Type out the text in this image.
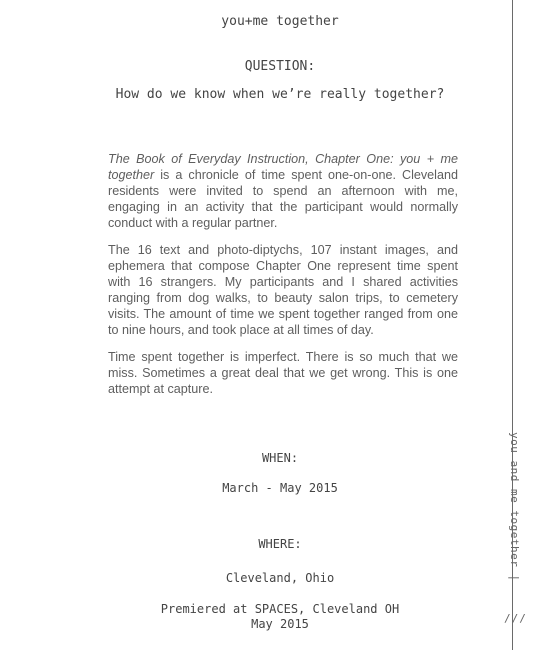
you+me together
QUESTION:
How do we know when we’re really together?

The Book of Everyday Instruction, Chapter One: you + me together is a chronicle of time spent one-on-one. Cleveland residents were invited to spend an afternoon with me, engaging in an activity that the participant would normally conduct with a regular partner.

The 16 text and photo-diptychs, 107 instant images, and ephemera that compose Chapter One represent time spent with 16 strangers. My participants and I shared activities ranging from dog walks, to beauty salon trips, to cemetery visits. The amount of time we spent together ranged from one to nine hours, and took place at all times of day.

Time spent together is imperfect. There is so much that we miss. Sometimes a great deal that we get wrong. This is one attempt at capture.

WHEN:
March - May 2015
WHERE:
Cleveland, Ohio
Premiered at SPACES, Cleveland OH
May 2015
you and me together |
///
